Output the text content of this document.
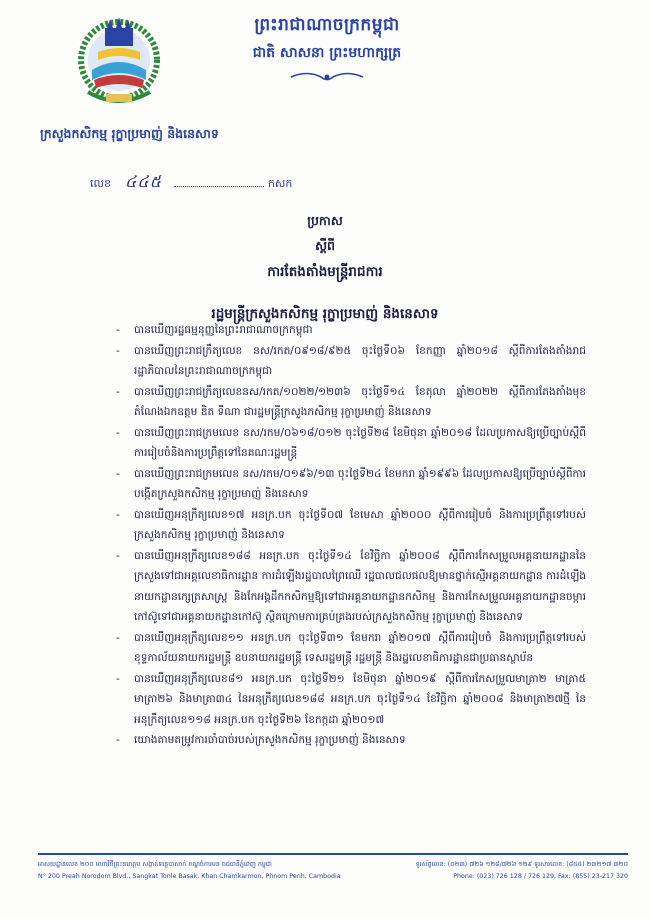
ព្រះរាជាណាចក្រកម្ពុជា
ជាតិ សាសនា ព្រះមហាក្សត្រ
ក្រសួងកសិកម្ម រុក្ខាប្រមាញ់ និងនេសាទ
លេខ ៤៤៥	កសក
ប្រកាស
ស្តីពី
ការតែងតាំងមន្ត្រីរាជការ
រដ្ឋមន្ត្រីក្រសួងកសិកម្ម រុក្ខាប្រមាញ់ និងនេសាទ
- បានឃើញរដ្ឋធម្មនុញ្ញនៃព្រះរាជាណាចក្រកម្ពុជា
- បានឃើញព្រះរាជក្រឹត្យលេខ នស/រកត/០៩១៨/៩២៥ ចុះថ្ងៃទី០៦ ខែកញ្ញា ឆ្នាំ២០១៨ ស្តីពីការតែងតាំងរាជរដ្ឋាភិបាលនៃព្រះរាជាណាចក្រកម្ពុជា
- បានឃើញព្រះរាជក្រឹត្យលេខនស/រកត/១០២២/១២៣៦ ចុះថ្ងៃទី១៤ ខែតុលា ឆ្នាំ២០២២ ស្តីពីការតែងតាំងមុខតំណែងឯកឧត្តម ឌិត ទីណា ជារដ្ឋមន្ត្រីក្រសួងកសិកម្ម រុក្ខាប្រមាញ់ និងនេសាទ
- បានឃើញព្រះរាជក្រមលេខ នស/រកម/០៦១៨/០១២ ចុះថ្ងៃទី២៨ ខែមិថុនា ឆ្នាំ២០១៨ ដែលប្រកាសឱ្យប្រើច្បាប់ស្តីពីការរៀបចំនិងការប្រព្រឹត្តទៅនៃគណៈរដ្ឋមន្ត្រី
- បានឃើញព្រះរាជក្រមលេខ នស/រកម/០១៩៦/១៣ ចុះថ្ងៃទី២៤ ខែមករា ឆ្នាំ១៩៩៦ ដែលប្រកាសឱ្យប្រើច្បាប់ស្តីពីការបង្កើតក្រសួងកសិកម្ម រុក្ខាប្រមាញ់ និងនេសាទ
- បានឃើញអនុក្រឹត្យលេខ១៧ អនក្រ.បក ចុះថ្ងៃទី០៧ ខែមេសា ឆ្នាំ២០០០ ស្តីពីការរៀបចំ និងការប្រព្រឹត្តទៅរបស់ក្រសួងកសិកម្ម រុក្ខាប្រមាញ់ និងនេសាទ
- បានឃើញអនុក្រឹត្យលេខ១៨៨ អនក្រ.បក ចុះថ្ងៃទី១៤ ខែវិច្ឆិកា ឆ្នាំ២០០៨ ស្តីពីការកែសម្រួលអគ្គនាយកដ្ឋាននៃក្រសួងទៅជាអគ្គលេខាធិការដ្ឋាន ការដំឡើងរដ្ឋបាលព្រៃឈើ រដ្ឋបាលជលផលឱ្យមានថ្នាក់ស្មើអគ្គនាយកដ្ឋាន ការដំឡើងនាយកដ្ឋានក្សេត្រសាស្ត្រ និងកែអង្គដឹកកសិកម្មឱ្យទៅជាអគ្គនាយកដ្ឋានកសិកម្ម និងការកែសម្រួលអគ្គនាយកដ្ឋានចម្ការកៅស៊ូទៅជាអគ្គនាយកដ្ឋានកៅស៊ូ ស្ថិតក្រោមការគ្រប់គ្រងរបស់ក្រសួងកសិកម្ម រុក្ខាប្រមាញ់ និងនេសាទ
- បានឃើញអនុក្រឹត្យលេខ១១ អនក្រ.បក ចុះថ្ងៃទី៣១ ខែមករា ឆ្នាំ២០១៧ ស្តីពីការរៀបចំ និងការប្រព្រឹត្តទៅរបស់ខុទ្ទកាល័យនាយករដ្ឋមន្ត្រី ឧបនាយករដ្ឋមន្ត្រី ទេសរដ្ឋមន្ត្រី រដ្ឋមន្ត្រី និងរដ្ឋលេខាធិការដ្ឋានជាប្រធានស្ថាប័ន
- បានឃើញអនុក្រឹត្យលេខ៨១ អនក្រ.បក ចុះថ្ងៃទី២១ ខែមិថុនា ឆ្នាំ២០១៩ ស្តីពីការកែសម្រួលមាត្រា២ មាត្រា៥ មាត្រា២៦ និងមាត្រា៣៤ នៃអនុក្រឹត្យលេខ១៨៨ អនក្រ.បក ចុះថ្ងៃទី១៤ ខែវិច្ឆិកា ឆ្នាំ២០០៨ និងមាត្រា២៧ថ្មី នៃអនុក្រឹត្យលេខ១១៨ អនក្រ.បក ចុះថ្ងៃទី២៦ ខែកក្កដា ឆ្នាំ២០១៧
- យោងតាមតម្រូវការចាំបាច់របស់ក្រសួងកសិកម្ម រុក្ខាប្រមាញ់ និងនេសាទ
អាសយដ្ឋានលេខ ២០០ មហាវិថីព្រះនរោត្តម សង្កាត់ទន្លេបាសាក់ ខណ្ឌចំការមន រាជធានីភ្នំពេញ កម្ពុជា	ទូរស័ព្ទលេខ: (០២៣) ៧២៦ ១២៨/៧២៦ ១២៩ ទូរសារលេខ: (៨៥៥) ២៣២១៧ ៣២០
N° 200 Preah Norodom Blvd., Sangkat Tonle Basak, Khan Chamkarmon, Phnom Penh, Cambodia	Phone: (023) 726 128 / 726 129, Fax: (855) 23-217 320
